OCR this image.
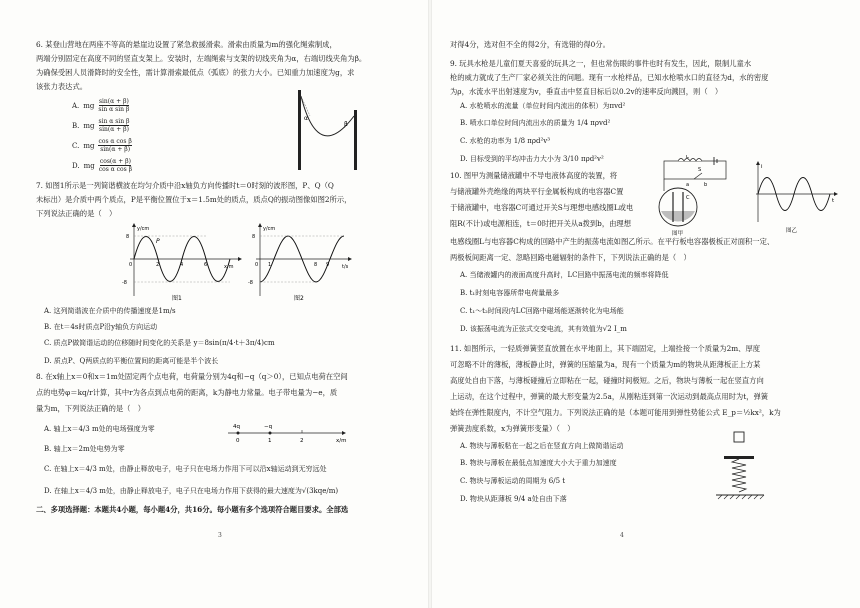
6. 某登山营地在两座不等高的悬崖边设置了紧急救援滑索。滑索由质量为m的强化绳索制成，
两端分别固定在高度不同的竖直支架上。安装时，左端绳索与支架的切线夹角为α，右端切线夹角为β。
为确保受困人员滑降时的安全性，需计算滑索最低点（弧底）的张力大小。已知重力加速度为g，求
该张力表达式。
A. mg $\frac{\sin(\alpha + \beta)}{\text{sin α sin β}}$
B. mg $\frac{\text{sin α sin β}}{\sin(\alpha + \beta)}$
C. mg $\frac{\text{cos α cos β}}{\sin(\alpha + \beta)}$
D. mg $\frac{\cos(\alpha + \beta)}{\text{cos α cos β}}$
α
β
7. 如图1所示是一列简谐横波在均匀介质中沿x轴负方向传播时t＝0时刻的波形图，P、Q（Q
未标出）是介质中两个质点，P是平衡位置位于x＝1.5m处的质点，质点Q的振动图像如图2所示，
下列说法正确的是（　）
y/cm
P
8
-8
0	2	4	6	x/m
图1
y/cm
8
-8
0 1	8 9	t/s
图2
A. 这列简谐波在介质中的传播速度是1m/s
B. 在t＝4s时质点P沿y轴负方向运动
C. 质点P做简谐运动的位移随时间变化的关系是 y＝8sin(π/4·t＋3π/4)cm
D. 质点P、Q两质点的平衡位置间的距离可能是半个波长
8. 在x轴上x＝0和x＝1m处固定两个点电荷，电荷量分别为4q和−q（q＞0），已知点电荷在空间
点的电势φ＝kq/r计算，其中r为各点到点电荷的距离，k为静电力常量。电子带电量为−e，质
量为m，下列说法正确的是（　）
4q	−q
0	1	2	x/m
A. 轴上x＝4/3 m处的电场强度为零
B. 轴上x＝2m处电势为零
C. 在轴上x＝4/3 m处，由静止释放电子，电子只在电场力作用下可以沿x轴运动到无穷远处
D. 在轴上x＝4/3 m处，由静止释放电子，电子只在电场力作用下获得的最大速度为√(3kqe/m)
二、多项选择题：本题共4小题，每小题4分，共16分。每小题有多个选项符合题目要求。全部选
3
对得4分，选对但不全的得2分，有选错的得0分。
9. 玩具水枪是儿童们夏天喜爱的玩具之一，但也常伤眼的事件也时有发生，因此，限制儿童水
枪的威力就成了生产厂家必须关注的问题。现有一水枪样品，已知水枪喷水口的直径为d，水的密度
为ρ，水流水平出射速度为v，垂直击中竖直目标后以0.2v的速率反向溅回，则（　）
A. 水枪喷水的流量（单位时间内流出的体积）为πvd²
B. 喷水口单位时间内流出水的质量为 1/4 πρvd²
C. 水枪的功率为 1/8 πρd²v³
D. 目标受到的平均冲击力大小为 3/10 πρd²v²
10. 图甲为测量储液罐中不导电液体高度的装置，将
与储液罐外壳绝缘的两块平行金属板构成的电容器C置
于储液罐中，电容器C可通过开关S与理想电感线圈L或电
阻R(不计)或电源相连，t＝0时把开关从a拨到b，由理想
电感线圈L与电容器C构成的回路中产生的振荡电流如图乙所示。在平行板电容器极板正对面积一定、
两极板间距离一定、忽略回路电磁辐射的条件下，下列说法正确的是（　）
L
S
a	b
C
图甲
i
t
图乙
A. 当储液罐内的液面高度升高时，LC回路中振荡电流的频率将降低
B. t₁时刻电容器所带电荷量最多
C. t₁～t₂时间段内LC回路中磁场能逐渐转化为电场能
D. 该振荡电流为正弦式交变电流，其有效值为√2 I_m
11. 如图所示，一轻质弹簧竖直放置在水平地面上，其下端固定，上端拴接一个质量为2m、厚度
可忽略不计的薄板，薄板静止时，弹簧的压缩量为a，现有一个质量为m的物块从距薄板正上方某
高度处自由下落，与薄板碰撞后立即粘在一起，碰撞时间极短。之后，物块与薄板一起在竖直方向
上运动，在这个过程中，弹簧的最大形变量为2.5a，从刚粘连到第一次运动到最高点用时为t，弹簧
始终在弹性限度内，不计空气阻力。下列说法正确的是（本题可能用到弹性势能公式 E_p＝½kx²，k为
弹簧劲度系数，x为弹簧形变量）（　）
A. 物块与薄板粘在一起之后在竖直方向上做简谐运动
B. 物块与薄板在最低点加速度大小大于重力加速度
C. 物块与薄板运动的周期为 6/5 t
D. 物块从距薄板 9/4 a处自由下落
4
